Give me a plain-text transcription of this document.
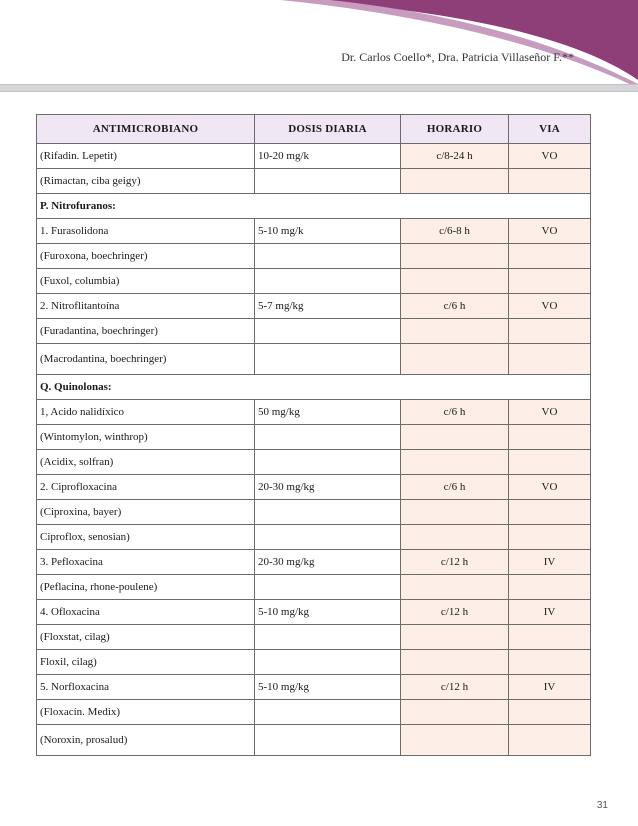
Dr. Carlos Coello*, Dra. Patricia Villaseñor F.**
ANTIMICROBIANO	DOSIS DIARIA	HORARIO	VIA
(Rifadin. Lepetit)	10-20 mg/k	c/8-24 h	VO
(Rimactan, ciba geigy)			
P. Nitrofuranos:			
1. Furasolidona	5-10 mg/k	c/6-8 h	VO
(Furoxona, boechringer)			
(Fuxol, columbia)			
2. Nitroflitantoína	5-7 mg/kg	c/6 h	VO
(Furadantina, boechringer)			
(Macrodantina, boechringer)			
Q. Quinolonas:			
1, Acido nalidíxico	50 mg/kg	c/6 h	VO
(Wintomylon, winthrop)			
(Acidix, solfran)			
2. Ciprofloxacina	20-30 mg/kg	c/6 h	VO
(Ciproxina, bayer)			
Ciproflox, senosian)			
3. Pefloxacina	20-30 mg/kg	c/12 h	IV
(Peflacina, rhone-poulene)			
4. Ofloxacina	5-10 mg/kg	c/12 h	IV
(Floxstat, cilag)			
Floxil, cilag)			
5. Norfloxacina	5-10 mg/kg	c/12 h	IV
(Floxacín. Medix)			
(Noroxin, prosalud)			
31
